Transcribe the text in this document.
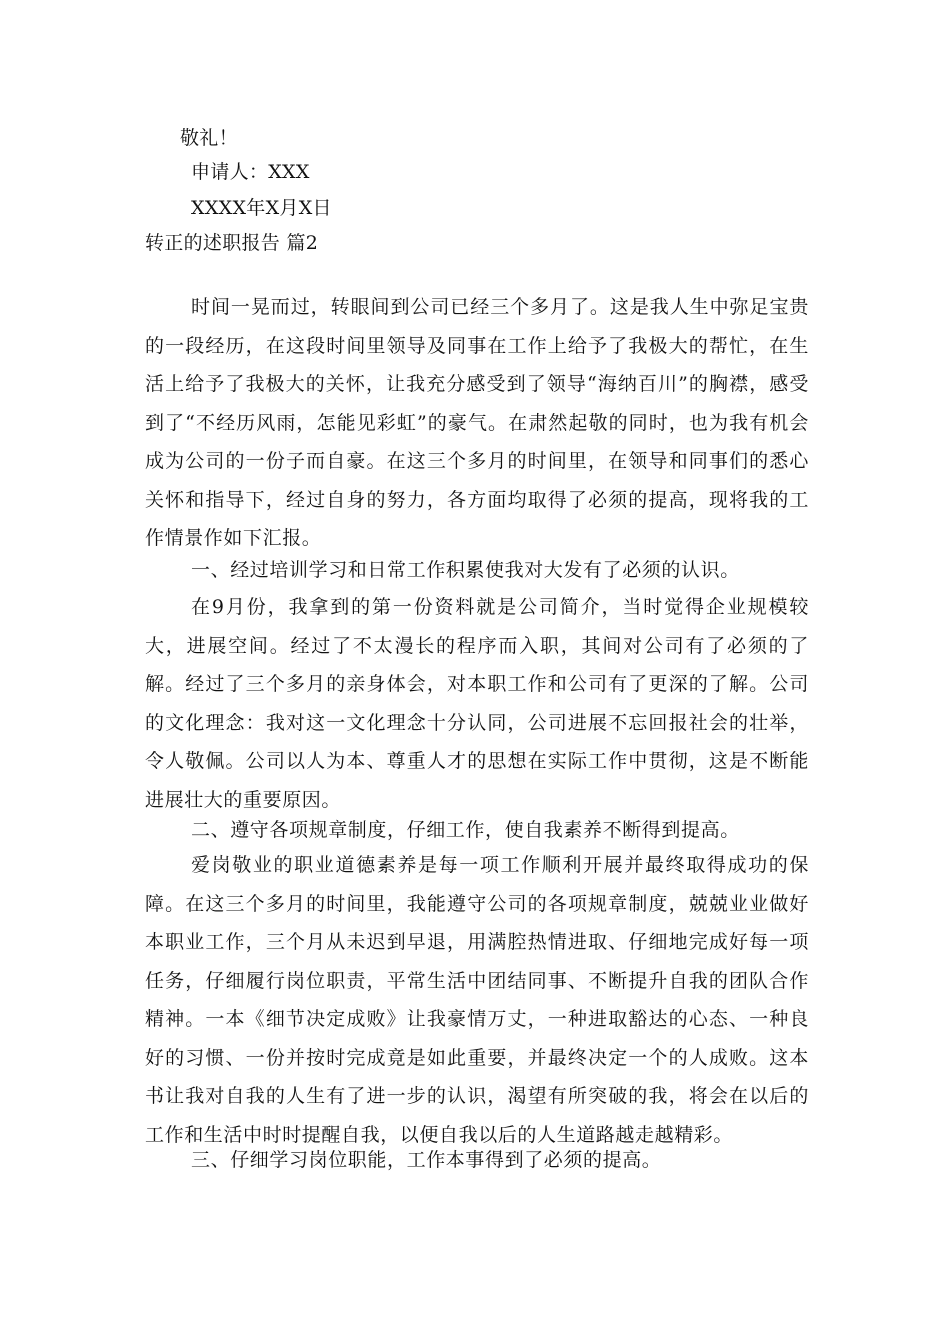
敬礼！
申请人：XXX
XXXX年X月X日
转正的述职报告 篇2

时间一晃而过，转眼间到公司已经三个多月了。这是我人生中弥足宝贵的一段经历，在这段时间里领导及同事在工作上给予了我极大的帮忙，在生活上给予了我极大的关怀，让我充分感受到了领导“海纳百川”的胸襟，感受到了“不经历风雨，怎能见彩虹”的豪气。在肃然起敬的同时，也为我有机会成为公司的一份子而自豪。在这三个多月的时间里，在领导和同事们的悉心关怀和指导下，经过自身的努力，各方面均取得了必须的提高，现将我的工作情景作如下汇报。

一、经过培训学习和日常工作积累使我对大发有了必须的认识。

在9月份，我拿到的第一份资料就是公司简介，当时觉得企业规模较大，进展空间。经过了不太漫长的程序而入职，其间对公司有了必须的了解。经过了三个多月的亲身体会，对本职工作和公司有了更深的了解。公司的文化理念：我对这一文化理念十分认同，公司进展不忘回报社会的壮举，令人敬佩。公司以人为本、尊重人才的思想在实际工作中贯彻，这是不断能进展壮大的重要原因。

二、遵守各项规章制度，仔细工作，使自我素养不断得到提高。

爱岗敬业的职业道德素养是每一项工作顺利开展并最终取得成功的保障。在这三个多月的时间里，我能遵守公司的各项规章制度，兢兢业业做好本职业工作，三个月从未迟到早退，用满腔热情进取、仔细地完成好每一项任务，仔细履行岗位职责，平常生活中团结同事、不断提升自我的团队合作精神。一本《细节决定成败》让我豪情万丈，一种进取豁达的心态、一种良好的习惯、一份并按时完成竟是如此重要，并最终决定一个的人成败。这本书让我对自我的人生有了进一步的认识，渴望有所突破的我，将会在以后的工作和生活中时时提醒自我，以便自我以后的人生道路越走越精彩。

三、仔细学习岗位职能，工作本事得到了必须的提高。
